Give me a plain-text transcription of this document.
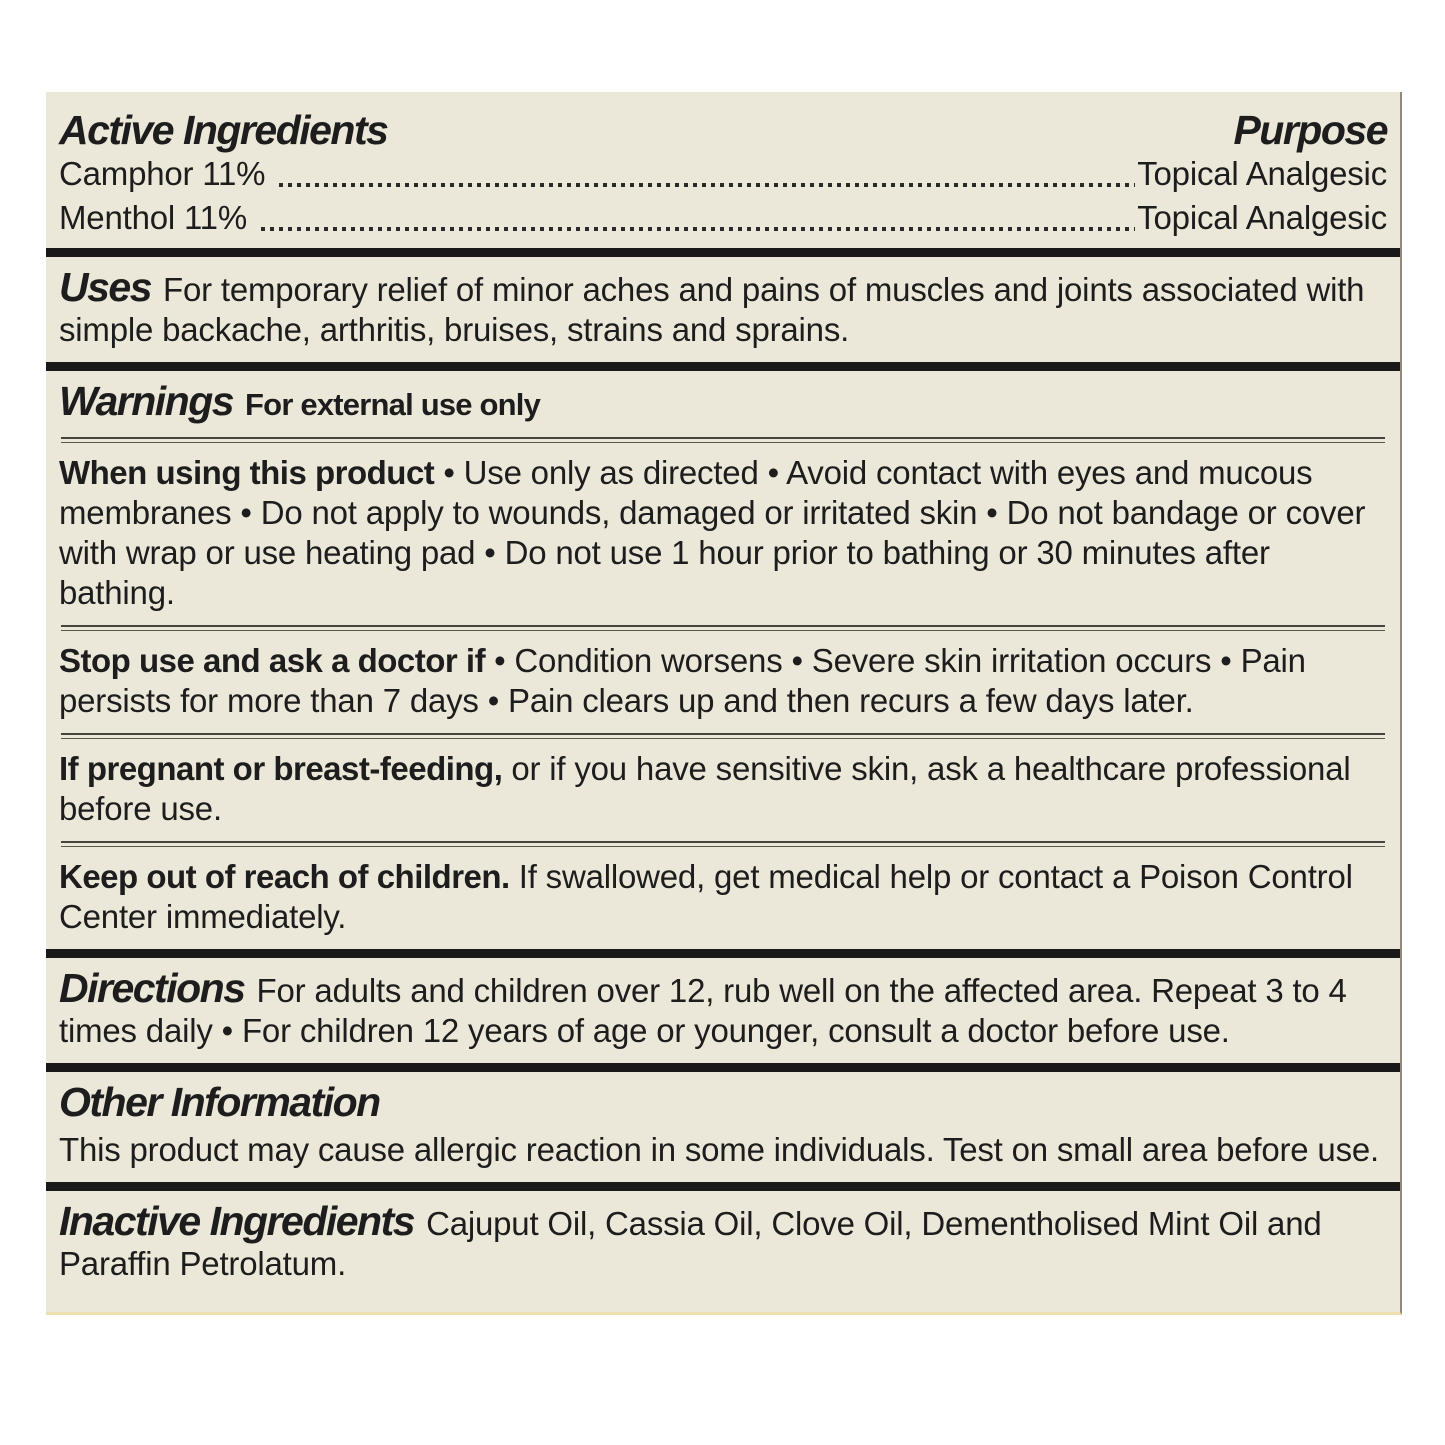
Active Ingredients	Purpose
Camphor 11%	Topical Analgesic
Menthol 11%	Topical Analgesic

Uses For temporary relief of minor aches and pains of muscles and joints associated with simple backache, arthritis, bruises, strains and sprains.

Warnings For external use only

When using this product • Use only as directed • Avoid contact with eyes and mucous membranes • Do not apply to wounds, damaged or irritated skin • Do not bandage or cover with wrap or use heating pad • Do not use 1 hour prior to bathing or 30 minutes after bathing.

Stop use and ask a doctor if • Condition worsens • Severe skin irritation occurs • Pain persists for more than 7 days • Pain clears up and then recurs a few days later.

If pregnant or breast-feeding, or if you have sensitive skin, ask a healthcare professional before use.

Keep out of reach of children. If swallowed, get medical help or contact a Poison Control Center immediately.

Directions For adults and children over 12, rub well on the affected area. Repeat 3 to 4 times daily • For children 12 years of age or younger, consult a doctor before use.

Other Information

This product may cause allergic reaction in some individuals. Test on small area before use.

Inactive Ingredients Cajuput Oil, Cassia Oil, Clove Oil, Dementholised Mint Oil and Paraffin Petrolatum.
